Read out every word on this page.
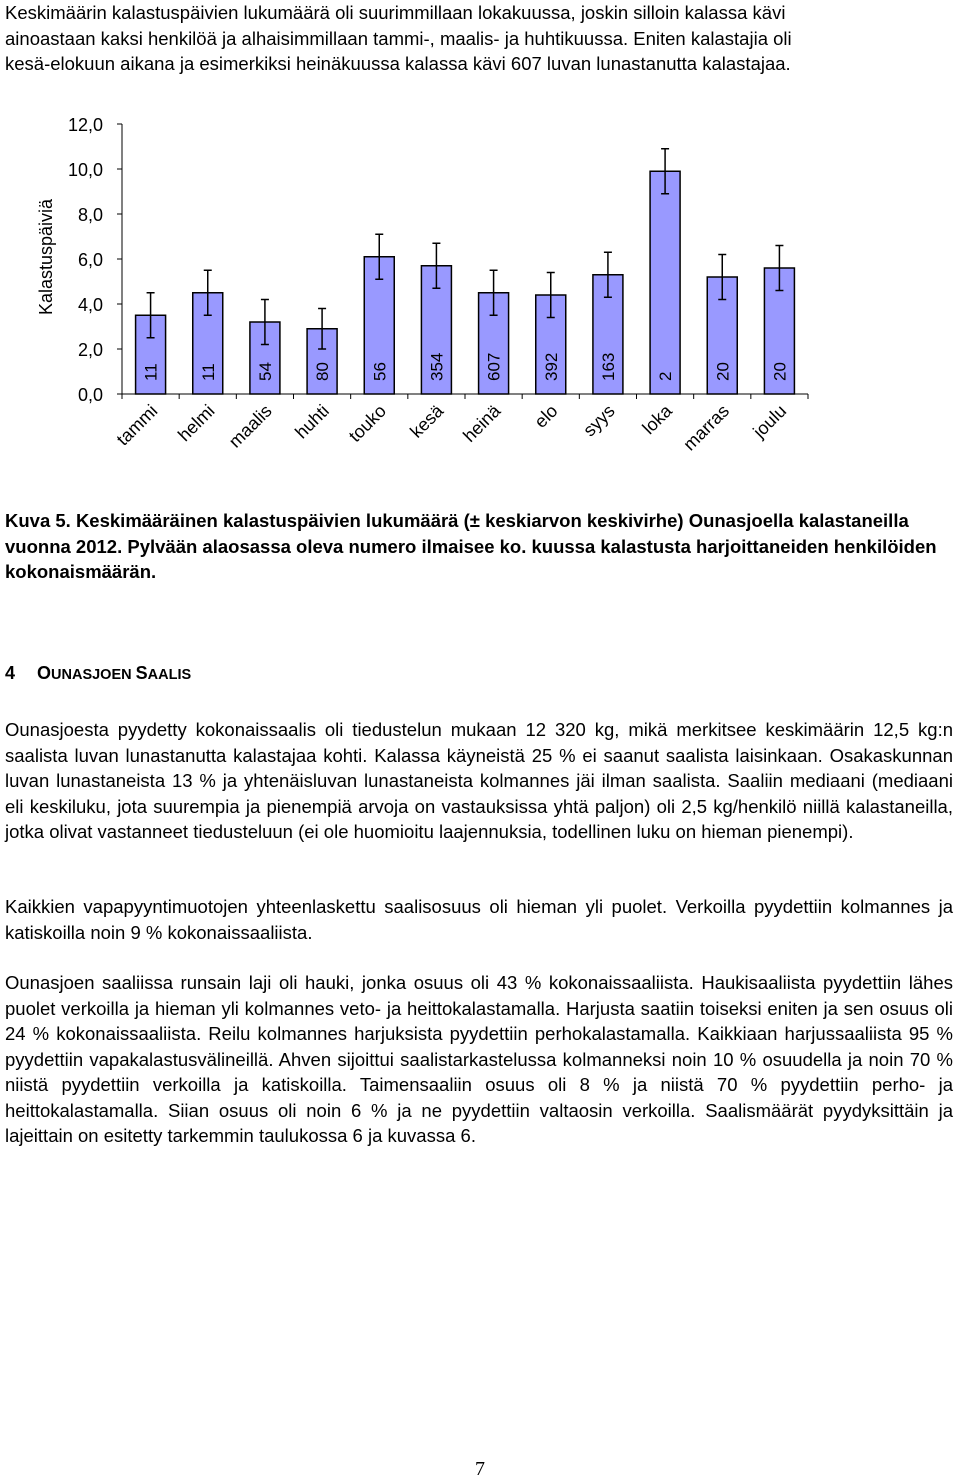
Keskimäärin kalastuspäivien lukumäärä oli suurimmillaan lokakuussa, joskin silloin kalassa kävi
ainoastaan kaksi henkilöä ja alhaisimmillaan tammi-, maalis- ja huhtikuussa. Eniten kalastajia oli
kesä-elokuun aikana ja esimerkiksi heinäkuussa kalassa kävi 607 luvan lunastanutta kalastajaa.
0,0
2,0
4,0
6,0
8,0
10,0
12,0
Kalastuspäiviä
11
tammi
11
helmi
54
maalis
80
huhti
56
touko
354
kesä
607
heinä
392
elo
163
syys
2
loka
20
marras
20
joulu
Kuva 5. Keskimääräinen kalastuspäivien lukumäärä (± keskiarvon keskivirhe) Ounasjoella kalastaneilla vuonna 2012. Pylvään alaosassa oleva numero ilmaisee ko. kuussa kalastusta harjoittaneiden henkilöiden kokonaismäärän.
4 OUNASJOEN SAALIS
Ounasjoesta pyydetty kokonaissaalis oli tiedustelun mukaan 12 320 kg, mikä merkitsee keskimäärin 12,5 kg:n saalista luvan lunastanutta kalastajaa kohti. Kalassa käyneistä 25 % ei saanut saalista laisinkaan. Osakaskunnan luvan lunastaneista 13 % ja yhtenäisluvan lunastaneista kolmannes jäi ilman saalista. Saaliin mediaani (mediaani eli keskiluku, jota suurempia ja pienempiä arvoja on vastauksissa yhtä paljon) oli 2,5 kg/henkilö niillä kalastaneilla, jotka olivat vastanneet tiedusteluun (ei ole huomioitu laajennuksia, todellinen luku on hieman pienempi).
Kaikkien vapapyyntimuotojen yhteenlaskettu saalisosuus oli hieman yli puolet. Verkoilla pyydettiin kolmannes ja katiskoilla noin 9 % kokonaissaaliista.
Ounasjoen saaliissa runsain laji oli hauki, jonka osuus oli 43 % kokonaissaaliista. Haukisaaliista pyydettiin lähes puolet verkoilla ja hieman yli kolmannes veto- ja heittokalastamalla. Harjusta saatiin toiseksi eniten ja sen osuus oli 24 % kokonaissaaliista. Reilu kolmannes harjuksista pyydettiin perhokalastamalla. Kaikkiaan harjussaaliista 95 % pyydettiin vapakalastusvälineillä. Ahven sijoittui saalistarkastelussa kolmanneksi noin 10 % osuudella ja noin 70 % niistä pyydettiin verkoilla ja katiskoilla. Taimensaaliin osuus oli 8 % ja niistä 70 % pyydettiin perho- ja heittokalastamalla. Siian osuus oli noin 6 % ja ne pyydettiin valtaosin verkoilla. Saalismäärät pyydyksittäin ja lajeittain on esitetty tarkemmin taulukossa 6 ja kuvassa 6.
7
